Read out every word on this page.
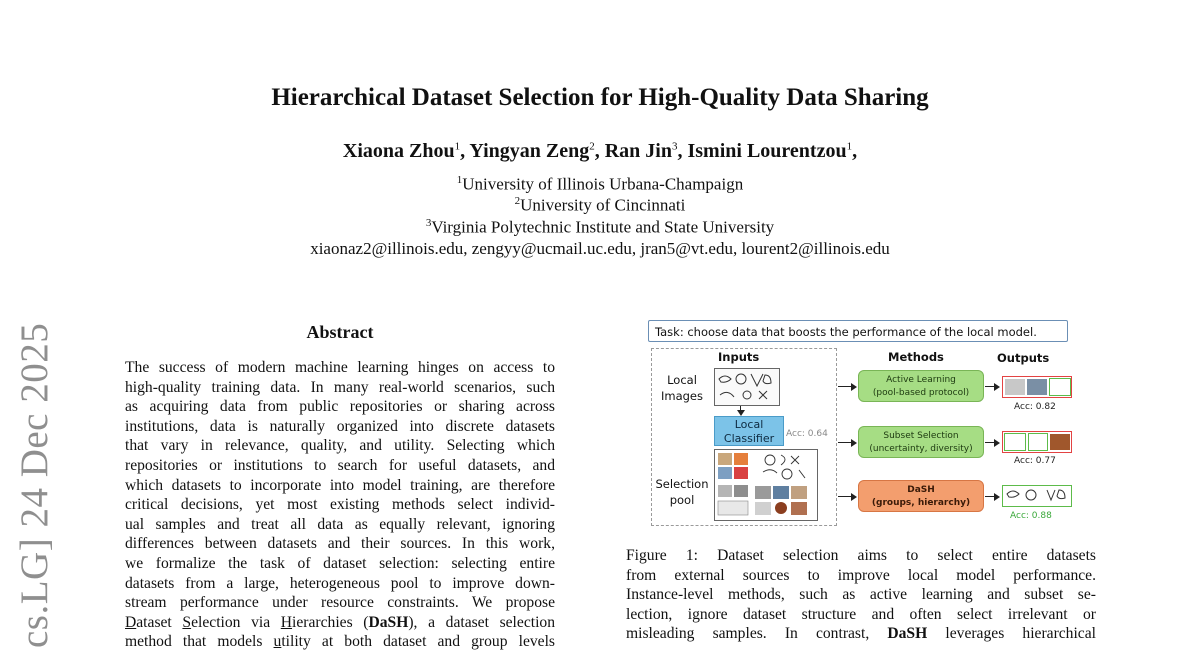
cs.LG] 24 Dec 2025
Hierarchical Dataset Selection for High-Quality Data Sharing
Xiaona Zhou$^1$, Yingyan Zeng$^2$, Ran Jin$^3$, Ismini Lourentzou$^1$,
$^1$University of Illinois Urbana-Champaign
$^2$University of Cincinnati
$^3$Virginia Polytechnic Institute and State University
xiaonaz2@illinois.edu, zengyy@ucmail.uc.edu, jran5@vt.edu, lourent2@illinois.edu
Abstract
The success of modern machine learning hinges on access to
high-quality training data. In many real-world scenarios, such
as acquiring data from public repositories or sharing across
institutions, data is naturally organized into discrete datasets
that vary in relevance, quality, and utility. Selecting which
repositories or institutions to search for useful datasets, and
which datasets to incorporate into model training, are therefore
critical decisions, yet most existing methods select individ-
ual samples and treat all data as equally relevant, ignoring
differences between datasets and their sources. In this work,
we formalize the task of dataset selection: selecting entire
datasets from a large, heterogeneous pool to improve down-
stream performance under resource constraints. We propose
Dataset Selection via Hierarchies (DaSH), a dataset selection
method that models utility at both dataset and group levels
Task: choose data that boosts the performance of the local model.
Inputs	Methods	Outputs
Local
Images
Local
Classifier	Acc: 0.64
Selection
pool
Active Learning
(pool-based protocol)
Subset Selection
(uncertainty, diversity)
DaSH
(groups, hierarchy)
Acc: 0.82
Acc: 0.77
Acc: 0.88
Figure 1: Dataset selection aims to select entire datasets
from external sources to improve local model performance.
Instance-level methods, such as active learning and subset se-
lection, ignore dataset structure and often select irrelevant or
misleading samples. In contrast, DaSH leverages hierarchical
